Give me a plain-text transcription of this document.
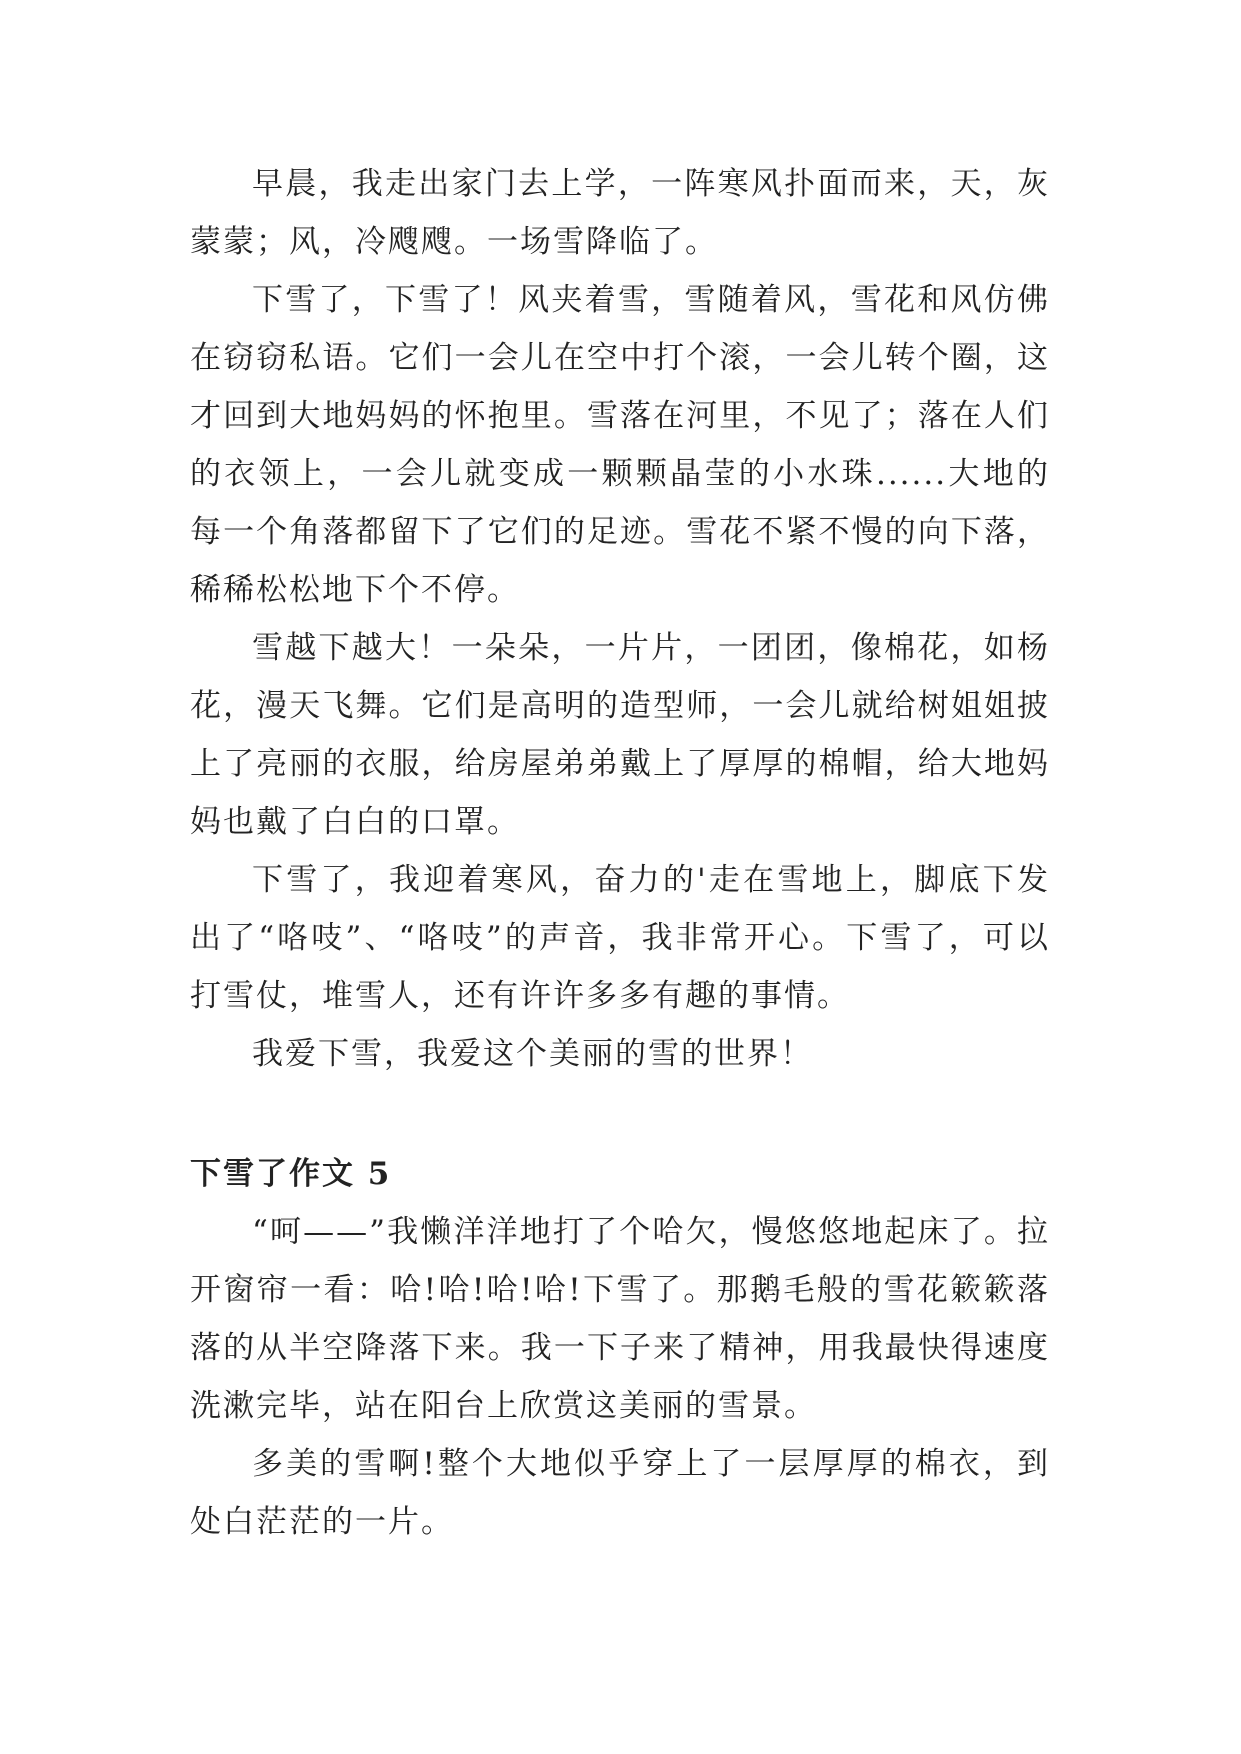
早晨，我走出家门去上学，一阵寒风扑面而来，天，灰蒙蒙；风，冷飕飕。一场雪降临了。

下雪了，下雪了！风夹着雪，雪随着风，雪花和风仿佛在窃窃私语。它们一会儿在空中打个滚，一会儿转个圈，这才回到大地妈妈的怀抱里。雪落在河里，不见了；落在人们的衣领上，一会儿就变成一颗颗晶莹的小水珠......大地的每一个角落都留下了它们的足迹。雪花不紧不慢的向下落，稀稀松松地下个不停。

雪越下越大！一朵朵，一片片，一团团，像棉花，如杨花，漫天飞舞。它们是高明的造型师，一会儿就给树姐姐披上了亮丽的衣服，给房屋弟弟戴上了厚厚的棉帽，给大地妈妈也戴了白白的口罩。

下雪了，我迎着寒风，奋力的'走在雪地上，脚底下发出了“咯吱”、“咯吱”的声音，我非常开心。下雪了，可以打雪仗，堆雪人，还有许许多多有趣的事情。

我爱下雪，我爱这个美丽的雪的世界！

下雪了作文 5

“呵——”我懒洋洋地打了个哈欠，慢悠悠地起床了。拉开窗帘一看：哈!哈!哈!哈!下雪了。那鹅毛般的雪花簌簌落落的从半空降落下来。我一下子来了精神，用我最快得速度洗漱完毕，站在阳台上欣赏这美丽的雪景。

多美的雪啊!整个大地似乎穿上了一层厚厚的棉衣，到处白茫茫的一片。
